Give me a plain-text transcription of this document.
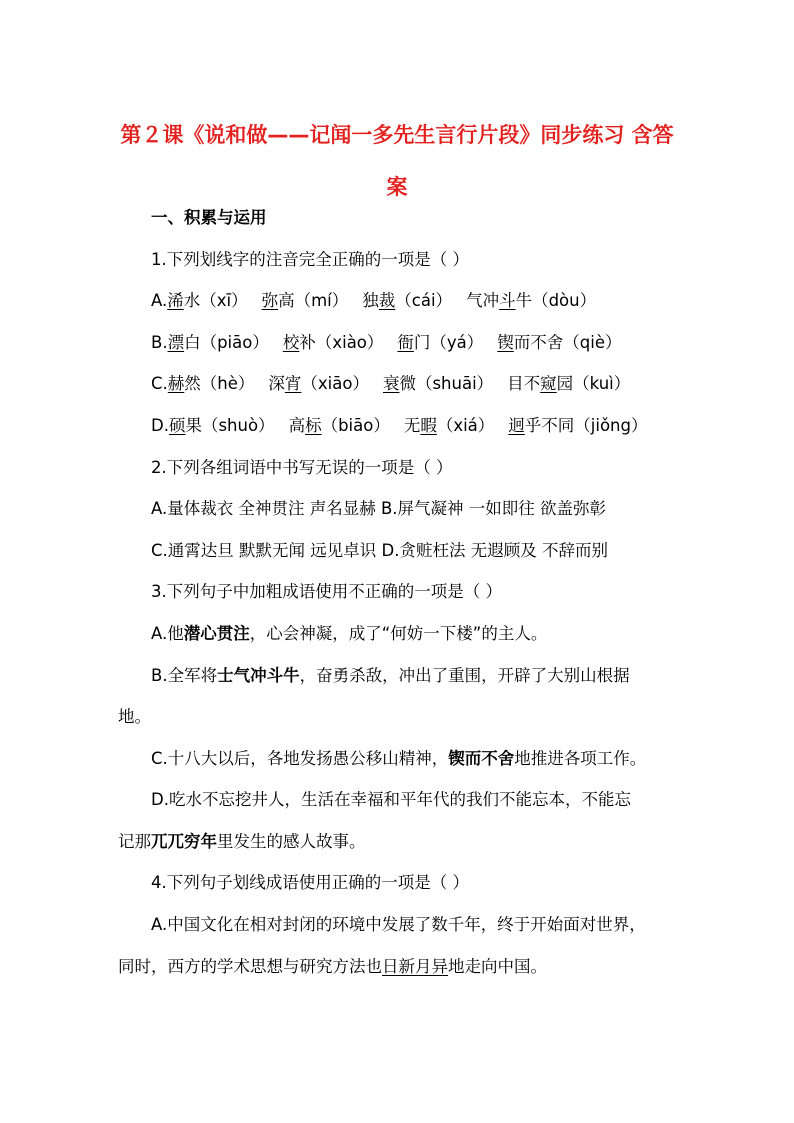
第２课《说和做——记闻一多先生言行片段》同步练习 含答
案
一、积累与运用
1.下列划线字的注音完全正确的一项是（ ）
A.浠水（xī） 弥高（mí） 独裁（cái） 气冲斗牛（dòu）
B.漂白（piāo） 校补（xiào） 衙门（yá） 锲而不舍（qiè）
C.赫然（hè） 深宵（xiāo） 衰微（shuāi） 目不窥园（kuì）
D.硕果（shuò） 高标（biāo） 无暇（xiá） 迥乎不同（jiǒng）
2.下列各组词语中书写无误的一项是（ ）
A.量体裁衣 全神贯注 声名显赫 B.屏气凝神 一如即往 欲盖弥彰
C.通霄达旦 默默无闻 远见卓识 D.贪赃枉法 无遐顾及 不辞而别
3.下列句子中加粗成语使用不正确的一项是（ ）
A.他潜心贯注，心会神凝，成了“何妨一下楼”的主人。
B.全军将士气冲斗牛，奋勇杀敌，冲出了重围，开辟了大别山根据
地。
C.十八大以后，各地发扬愚公移山精神，锲而不舍地推进各项工作。
D.吃水不忘挖井人，生活在幸福和平年代的我们不能忘本，不能忘
记那兀兀穷年里发生的感人故事。
4.下列句子划线成语使用正确的一项是（ ）
A.中国文化在相对封闭的环境中发展了数千年，终于开始面对世界，
同时，西方的学术思想与研究方法也日新月异地走向中国。
